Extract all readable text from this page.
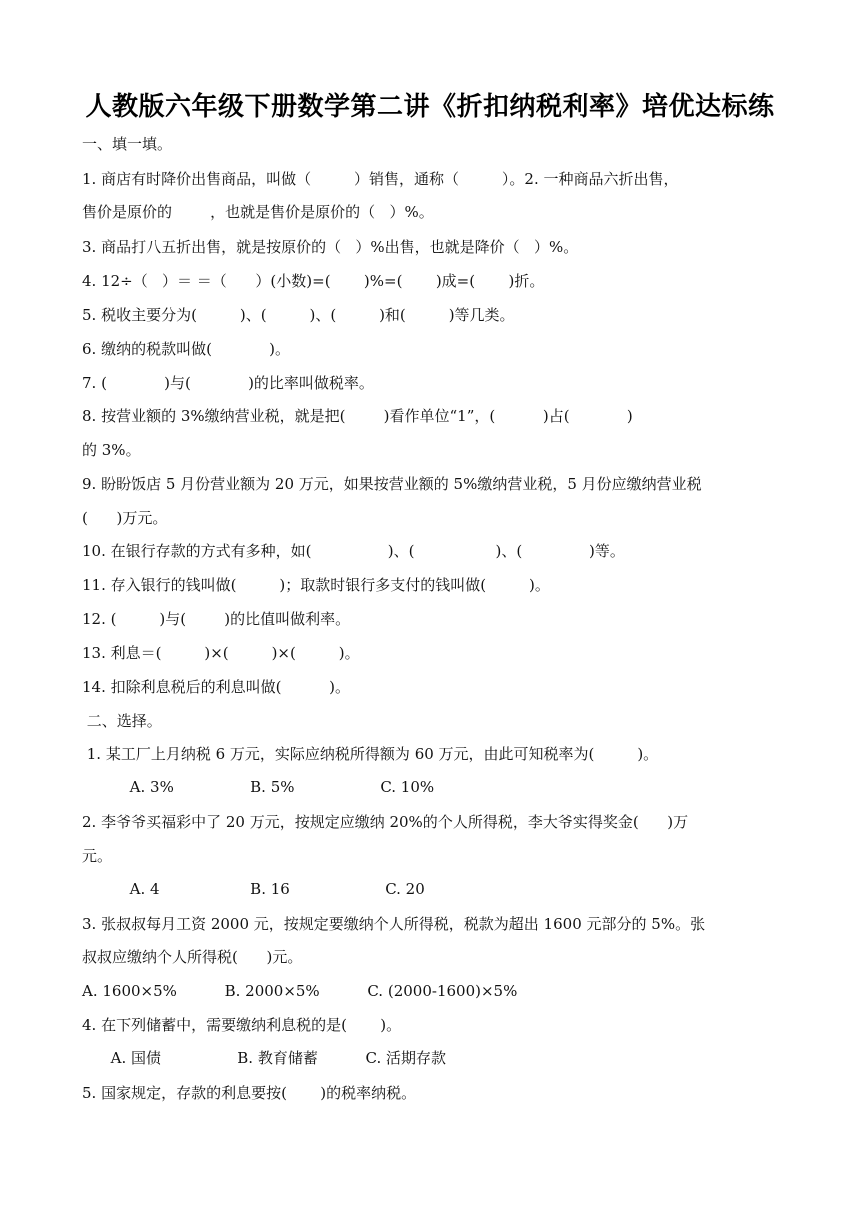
人教版六年级下册数学第二讲《折扣纳税利率》培优达标练
一、填一填。
1. 商店有时降价出售商品，叫做（         ）销售，通称（         ）。2. 一种商品六折出售，
售价是原价的        ，也就是售价是原价的（   ）%。
3. 商品打八五折出售，就是按原价的（   ）%出售，也就是降价（   ）%。
4. 12÷（   ）＝ ＝（      ）(小数)=(       )%=(       )成=(       )折。
5. 税收主要分为(         )、(         )、(         )和(         )等几类。
6. 缴纳的税款叫做(            )。
7. (            )与(            )的比率叫做税率。
8. 按营业额的 3%缴纳营业税，就是把(        )看作单位“1”，(          )占(            )
的 3%。
9. 盼盼饭店 5 月份营业额为 20 万元，如果按营业额的 5%缴纳营业税，5 月份应缴纳营业税
(      )万元。
10. 在银行存款的方式有多种，如(                )、(                 )、(              )等。
11. 存入银行的钱叫做(         )；取款时银行多支付的钱叫做(         )。
12. (         )与(        )的比值叫做利率。
13. 利息＝(         )×(         )×(         )。
14. 扣除利息税后的利息叫做(          )。
二、选择。
1. 某工厂上月纳税 6 万元，实际应纳税所得额为 60 万元，由此可知税率为(         )。
A. 3%                B. 5%                  C. 10%
2. 李爷爷买福彩中了 20 万元，按规定应缴纳 20%的个人所得税，李大爷实得奖金(      )万
元。
A. 4                   B. 16                    C. 20
3. 张叔叔每月工资 2000 元，按规定要缴纳个人所得税，税款为超出 1600 元部分的 5%。张
叔叔应缴纳个人所得税(      )元。
A. 1600×5%          B. 2000×5%          C. (2000-1600)×5%
4. 在下列储蓄中，需要缴纳利息税的是(       )。
A. 国债                B. 教育储蓄          C. 活期存款
5. 国家规定，存款的利息要按(       )的税率纳税。
